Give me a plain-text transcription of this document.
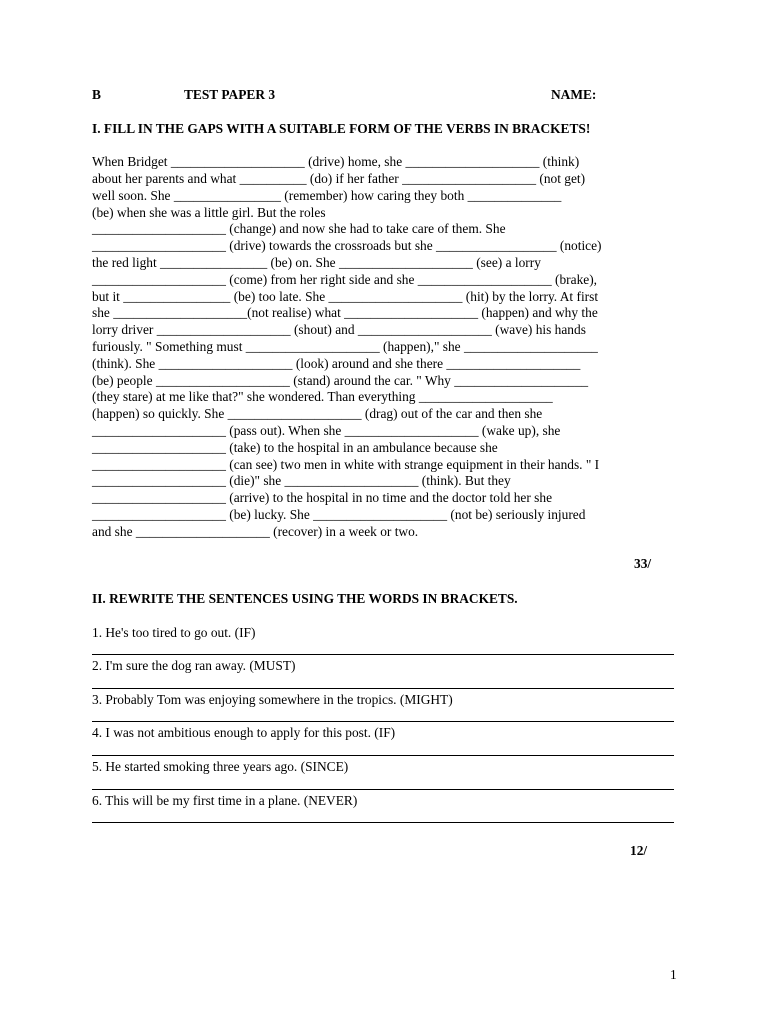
B	TEST PAPER 3	NAME:
I. FILL IN THE GAPS WITH A SUITABLE FORM OF THE VERBS IN BRACKETS!
When Bridget ____________________ (drive) home, she ____________________ (think)
about her parents and what __________ (do) if her father ____________________ (not get)
well soon. She ________________ (remember) how caring they both ______________
(be) when she was a little girl. But the roles
____________________ (change) and now she had to take care of them. She
____________________ (drive) towards the crossroads but she __________________ (notice)
the red light ________________ (be) on. She ____________________ (see) a lorry
____________________ (come) from her right side and she ____________________ (brake),
but it ________________ (be) too late. She ____________________ (hit) by the lorry. At first
she ____________________(not realise) what ____________________ (happen) and why the
lorry driver ____________________ (shout) and ____________________ (wave) his hands
furiously. " Something must ____________________ (happen)," she ____________________
(think). She ____________________ (look) around and she there ____________________
(be) people ____________________ (stand) around the car. " Why ____________________
(they stare) at me like that?" she wondered. Than everything ____________________
(happen) so quickly. She ____________________ (drag) out of the car and then she
____________________ (pass out). When she ____________________ (wake up), she
____________________ (take) to the hospital in an ambulance because she
____________________ (can see) two men in white with strange equipment in their hands. " I
____________________ (die)" she ____________________ (think). But they
____________________ (arrive) to the hospital in no time and the doctor told her she
____________________ (be) lucky. She ____________________ (not be) seriously injured
and she ____________________ (recover) in a week or two.
33/
II. REWRITE THE SENTENCES USING THE WORDS IN BRACKETS.
1. He's too tired to go out. (IF)
2. I'm sure the dog ran away. (MUST)
3. Probably Tom was enjoying somewhere in the tropics. (MIGHT)
4. I was not ambitious enough to apply for this post. (IF)
5. He started smoking three years ago. (SINCE)
6. This will be my first time in a plane. (NEVER)
12/
1
